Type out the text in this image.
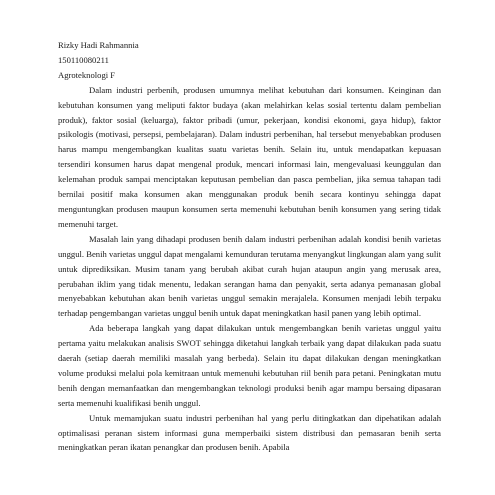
Rizky Hadi Rahmannia

150110080211

Agroteknologi F

Dalam industri perbenih, produsen umumnya melihat kebutuhan dari konsumen. Keinginan dan kebutuhan konsumen yang meliputi faktor budaya (akan melahirkan kelas sosial tertentu dalam pembelian produk), faktor sosial (keluarga), faktor pribadi (umur, pekerjaan, kondisi ekonomi, gaya hidup), faktor psikologis (motivasi, persepsi, pembelajaran). Dalam industri perbenihan, hal tersebut menyebabkan produsen harus mampu mengembangkan kualitas suatu varietas benih. Selain itu, untuk mendapatkan kepuasan tersendiri konsumen harus dapat mengenal produk, mencari informasi lain, mengevaluasi keunggulan dan kelemahan produk sampai menciptakan keputusan pembelian dan pasca pembelian, jika semua tahapan tadi bernilai positif maka konsumen akan menggunakan produk benih secara kontinyu sehingga dapat menguntungkan produsen maupun konsumen serta memenuhi kebutuhan benih konsumen yang sering tidak memenuhi target.

Masalah lain yang dihadapi produsen benih dalam industri perbenihan adalah kondisi benih varietas unggul. Benih varietas unggul dapat mengalami kemunduran terutama menyangkut lingkungan alam yang sulit untuk diprediksikan. Musim tanam yang berubah akibat curah hujan ataupun angin yang merusak area, perubahan iklim yang tidak menentu, ledakan serangan hama dan penyakit, serta adanya pemanasan global menyebabkan kebutuhan akan benih varietas unggul semakin merajalela. Konsumen menjadi lebih terpaku terhadap pengembangan varietas unggul benih untuk dapat meningkatkan hasil panen yang lebih optimal.

Ada beberapa langkah yang dapat dilakukan untuk mengembangkan benih varietas unggul yaitu pertama yaitu melakukan analisis SWOT sehingga diketahui langkah terbaik yang dapat dilakukan pada suatu daerah (setiap daerah memiliki masalah yang berbeda). Selain itu dapat dilakukan dengan meningkatkan volume produksi melalui pola kemitraan untuk memenuhi kebutuhan riil benih para petani. Peningkatan mutu benih dengan memanfaatkan dan mengembangkan teknologi produksi benih agar mampu bersaing dipasaran serta memenuhi kualifikasi benih unggul.

Untuk memamjukan suatu industri perbenihan hal yang perlu ditingkatkan dan dipehatikan adalah optimalisasi peranan sistem informasi guna memperbaiki sistem distribusi dan pemasaran benih serta meningkatkan peran ikatan penangkar dan produsen benih. Apabila
